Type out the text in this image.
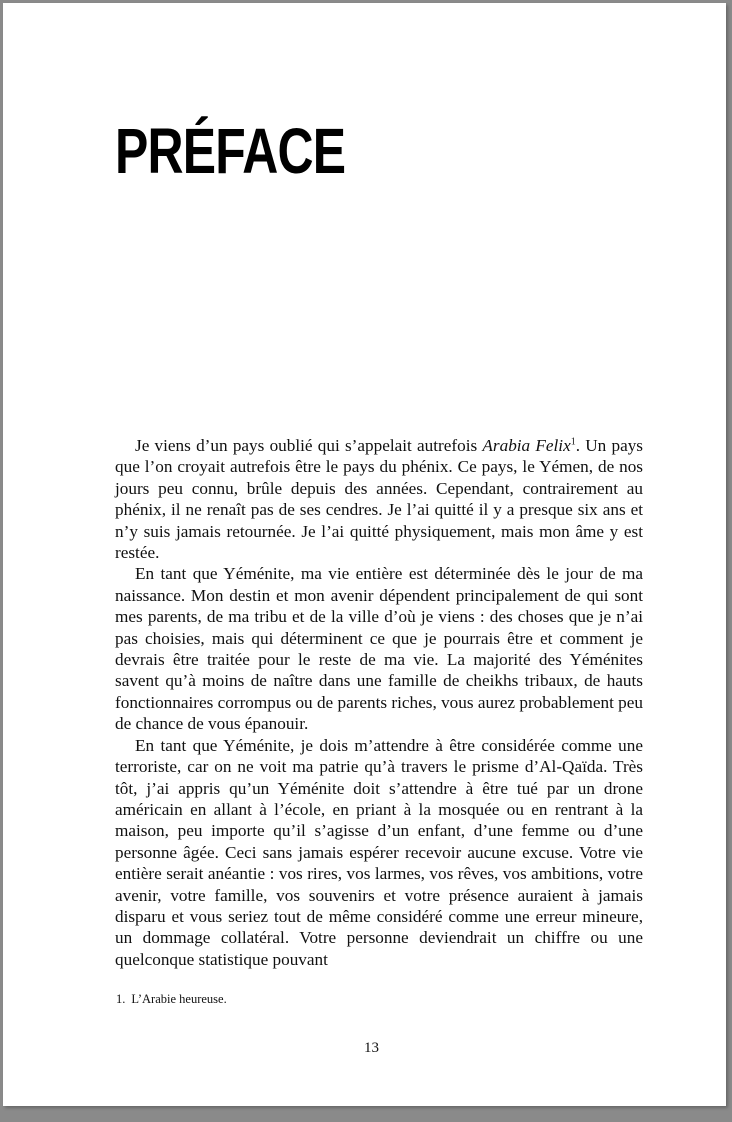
PRÉFACE

Je viens d’un pays oublié qui s’appelait autrefois Arabia Felix$^1$. Un pays que l’on croyait autrefois être le pays du phénix. Ce pays, le Yémen, de nos jours peu connu, brûle depuis des années. Cependant, contrairement au phénix, il ne renaît pas de ses cendres. Je l’ai quitté il y a presque six ans et n’y suis jamais retournée. Je l’ai quitté physiquement, mais mon âme y est restée.

En tant que Yéménite, ma vie entière est déterminée dès le jour de ma naissance. Mon destin et mon avenir dépendent principalement de qui sont mes parents, de ma tribu et de la ville d’où je viens : des choses que je n’ai pas choisies, mais qui déterminent ce que je pourrais être et comment je devrais être traitée pour le reste de ma vie. La majorité des Yéménites savent qu’à moins de naître dans une famille de cheikhs tribaux, de hauts fonctionnaires corrompus ou de parents riches, vous aurez probablement peu de chance de vous épanouir.

En tant que Yéménite, je dois m’attendre à être considérée comme une terroriste, car on ne voit ma patrie qu’à travers le prisme d’Al-Qaïda. Très tôt, j’ai appris qu’un Yéménite doit s’attendre à être tué par un drone américain en allant à l’école, en priant à la mosquée ou en rentrant à la maison, peu importe qu’il s’agisse d’un enfant, d’une femme ou d’une personne âgée. Ceci sans jamais espérer recevoir aucune excuse. Votre vie entière serait anéantie : vos rires, vos larmes, vos rêves, vos ambitions, votre avenir, votre famille, vos souvenirs et votre présence auraient à jamais disparu et vous seriez tout de même considéré comme une erreur mineure, un dommage collatéral. Votre personne deviendrait un chiffre ou une quelconque statistique pouvant

1. L’Arabie heureuse.
13
